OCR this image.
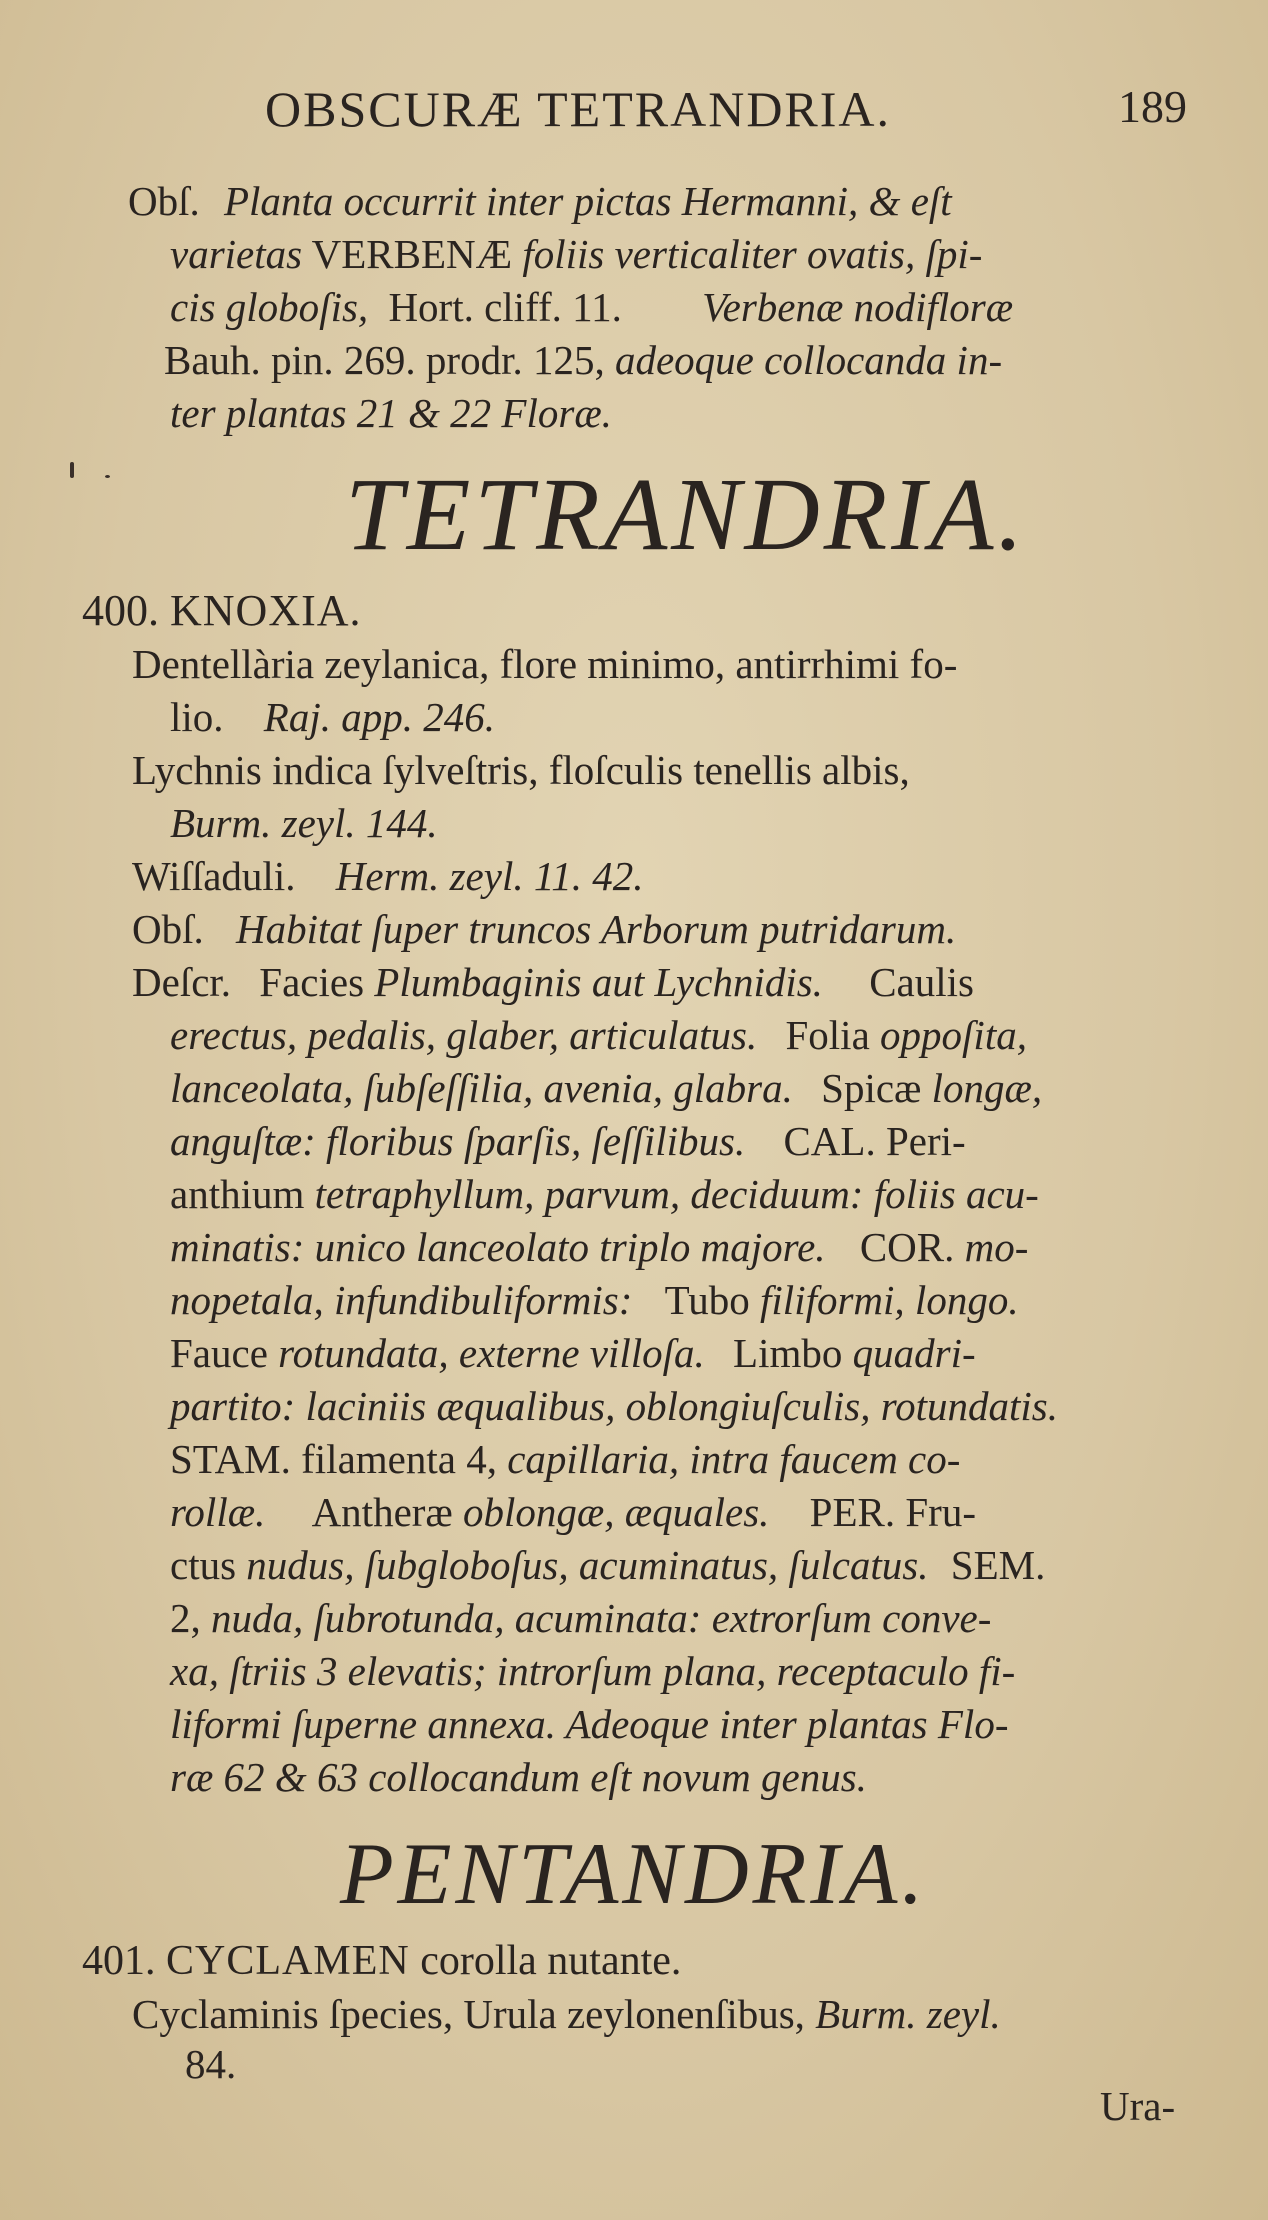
OBSCURÆ TETRANDRIA.	189
Obſ. Planta occurrit inter pictas Hermanni, & eſt
varietas VERBENÆ foliis verticaliter ovatis, ſpi-
cis globoſis, Hort. cliff. 11. Verbenæ nodifloræ
Bauh. pin. 269. prodr. 125, adeoque collocanda in-
ter plantas 21 & 22 Floræ.
TETRANDRIA.
400. KNOXIA.
Dentellària zeylanica, flore minimo, antirrhimi fo-
lio. Raj. app. 246.
Lychnis indica ſylveſtris, floſculis tenellis albis,
Burm. zeyl. 144.
Wiſſaduli. Herm. zeyl. 11. 42.
Obſ. Habitat ſuper truncos Arborum putridarum.
Deſcr. Facies Plumbaginis aut Lychnidis. Caulis
erectus, pedalis, glaber, articulatus. Folia oppoſita,
lanceolata, ſubſeſſilia, avenia, glabra. Spicæ longæ,
anguſtæ: floribus ſparſis, ſeſſilibus. CAL. Peri-
anthium tetraphyllum, parvum, deciduum: foliis acu-
minatis: unico lanceolato triplo majore. COR. mo-
nopetala, infundibuliformis: Tubo filiformi, longo.
Fauce rotundata, externe villoſa. Limbo quadri-
partito: laciniis æqualibus, oblongiuſculis, rotundatis.
STAM. filamenta 4, capillaria, intra faucem co-
rollæ. Antheræ oblongæ, æquales. PER. Fru-
ctus nudus, ſubgloboſus, acuminatus, ſulcatus. SEM.
2, nuda, ſubrotunda, acuminata: extrorſum conve-
xa, ſtriis 3 elevatis; introrſum plana, receptaculo fi-
liformi ſuperne annexa. Adeoque inter plantas Flo-
ræ 62 & 63 collocandum eſt novum genus.
PENTANDRIA.
401. CYCLAMEN corolla nutante.
Cyclaminis ſpecies, Urula zeylonenſibus, Burm. zeyl.
84.
Ura-
